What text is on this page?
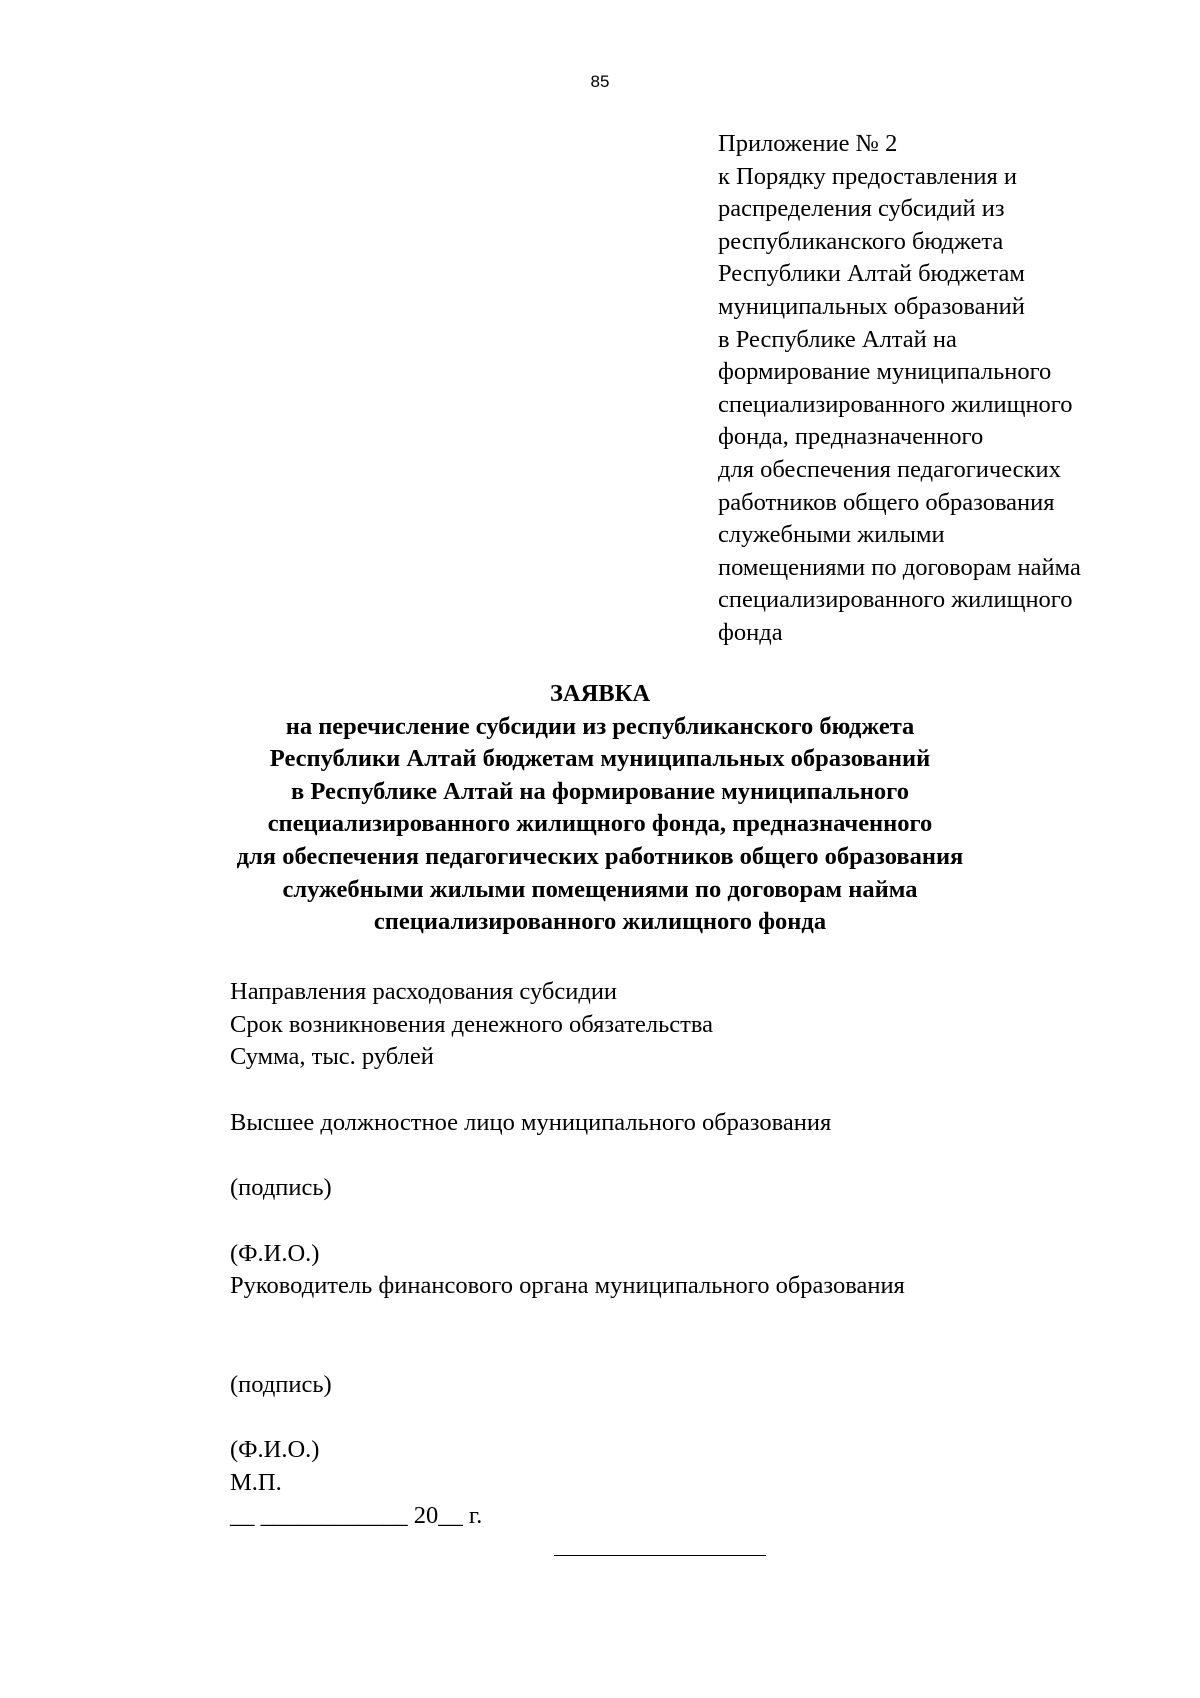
85
Приложение № 2
к Порядку предоставления и
распределения субсидий из
республиканского бюджета
Республики Алтай бюджетам
муниципальных образований
в Республике Алтай на
формирование муниципального
специализированного жилищного
фонда, предназначенного
для обеспечения педагогических
работников общего образования
служебными жилыми
помещениями по договорам найма
специализированного жилищного
фонда
ЗАЯВКА
на перечисление субсидии из республиканского бюджета
Республики Алтай бюджетам муниципальных образований
в Республике Алтай на формирование муниципального
специализированного жилищного фонда, предназначенного
для обеспечения педагогических работников общего образования
служебными жилыми помещениями по договорам найма
специализированного жилищного фонда
Направления расходования субсидии
Срок возникновения денежного обязательства
Сумма, тыс. рублей
Высшее должностное лицо муниципального образования
(подпись)
(Ф.И.О.)
Руководитель финансового органа муниципального образования
(подпись)
(Ф.И.О.)
М.П.
__ ____________ 20__ г.
